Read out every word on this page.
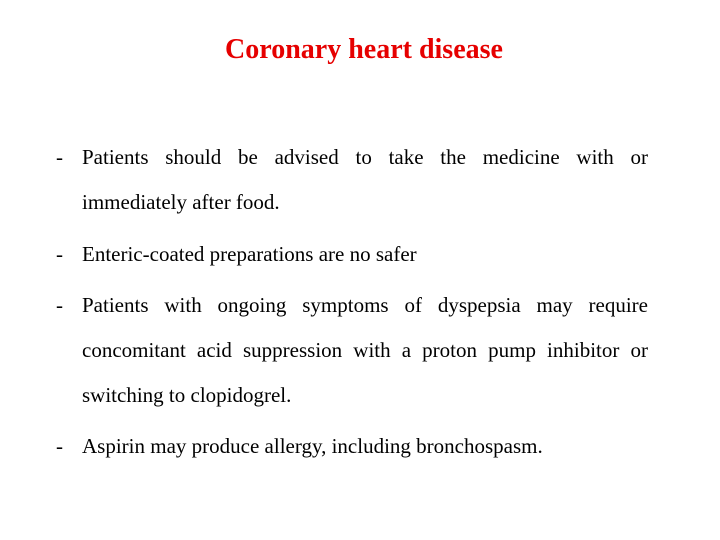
Coronary heart disease
- Patients should be advised to take the medicine with or immediately after food.
- Enteric-coated preparations are no safer
- Patients with ongoing symptoms of dyspepsia may require concomitant acid suppression with a proton pump inhibitor or switching to clopidogrel.
- Aspirin may produce allergy, including bronchospasm.
